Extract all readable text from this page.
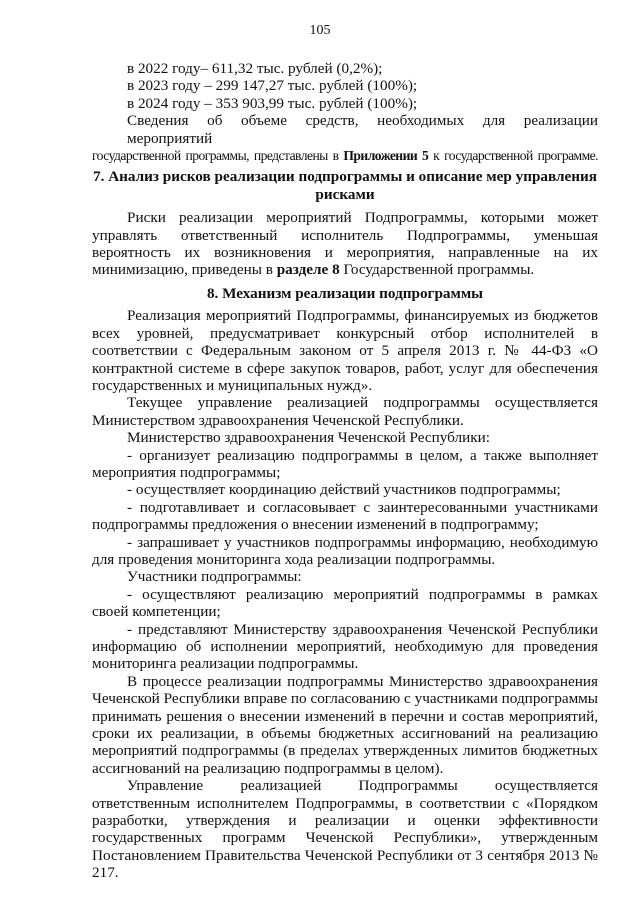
105

в 2022 году– 611,32 тыс. рублей (0,2%);

в 2023 году – 299 147,27 тыс. рублей (100%);

в 2024 году – 353 903,99 тыс. рублей (100%);

Сведения об объеме средств, необходимых для реализации мероприятий

государственной программы, представлены в Приложении 5 к государственной программе.

7. Анализ рисков реализации подпрограммы и описание мер управления рисками

Риски реализации мероприятий Подпрограммы, которыми может управлять ответственный исполнитель Подпрограммы, уменьшая вероятность их возникновения и мероприятия, направленные на их минимизацию, приведены в разделе 8 Государственной программы.

8. Механизм реализации подпрограммы

Реализация мероприятий Подпрограммы, финансируемых из бюджетов всех уровней, предусматривает конкурсный отбор исполнителей в соответствии с Федеральным законом от 5 апреля 2013 г. № 44-ФЗ «О контрактной системе в сфере закупок товаров, работ, услуг для обеспечения государственных и муниципальных нужд».

Текущее управление реализацией подпрограммы осуществляется Министерством здравоохранения Чеченской Республики.

Министерство здравоохранения Чеченской Республики:

- организует реализацию подпрограммы в целом, а также выполняет мероприятия подпрограммы;

- осуществляет координацию действий участников подпрограммы;

- подготавливает и согласовывает с заинтересованными участниками подпрограммы предложения о внесении изменений в подпрограмму;

- запрашивает у участников подпрограммы информацию, необходимую для проведения мониторинга хода реализации подпрограммы.

Участники подпрограммы:

- осуществляют реализацию мероприятий подпрограммы в рамках своей компетенции;

- представляют Министерству здравоохранения Чеченской Республики информацию об исполнении мероприятий, необходимую для проведения мониторинга реализации подпрограммы.

В процессе реализации подпрограммы Министерство здравоохранения Чеченской Республики вправе по согласованию с участниками подпрограммы принимать решения о внесении изменений в перечни и состав мероприятий, сроки их реализации, в объемы бюджетных ассигнований на реализацию мероприятий подпрограммы (в пределах утвержденных лимитов бюджетных ассигнований на реализацию подпрограммы в целом).

Управление реализацией Подпрограммы осуществляется ответственным исполнителем Подпрограммы, в соответствии с «Порядком разработки, утверждения и реализации и оценки эффективности государственных программ Чеченской Республики», утвержденным Постановлением Правительства Чеченской Республики от 3 сентября 2013 № 217.
